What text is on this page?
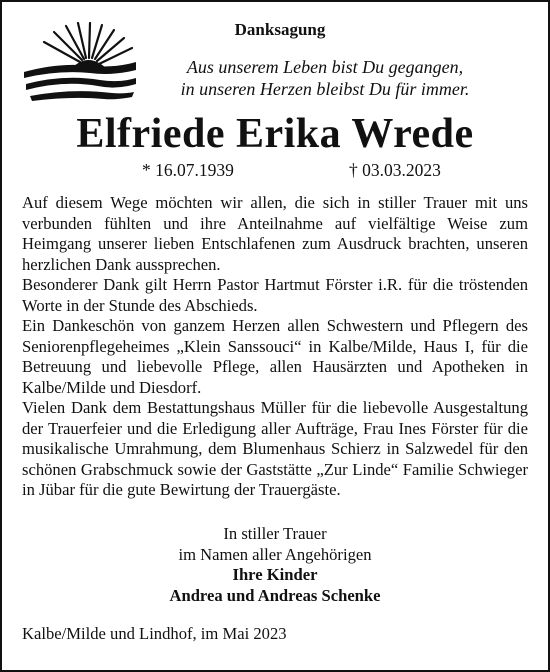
Danksagung
Aus unserem Leben bist Du gegangen,
in unseren Herzen bleibst Du für immer.
Elfriede Erika Wrede
* 16.07.1939	† 03.03.2023

Auf diesem Wege möchten wir allen, die sich in stiller Trauer mit uns verbunden fühlten und ihre Anteilnahme auf vielfältige Weise zum Heimgang unserer lieben Entschlafenen zum Ausdruck brachten, unseren herzlichen Dank aussprechen.

Besonderer Dank gilt Herrn Pastor Hartmut Förster i.R. für die tröstenden Worte in der Stunde des Abschieds.

Ein Dankeschön von ganzem Herzen allen Schwestern und Pflegern des Seniorenpflegeheimes „Klein Sanssouci“ in Kalbe/Milde, Haus I, für die Betreuung und liebevolle Pflege, allen Hausärzten und Apotheken in Kalbe/Milde und Diesdorf.

Vielen Dank dem Bestattungshaus Müller für die liebevolle Ausgestaltung der Trauerfeier und die Erledigung aller Aufträge, Frau Ines Förster für die musikalische Umrahmung, dem Blumenhaus Schierz in Salzwedel für den schönen Grabschmuck sowie der Gaststätte „Zur Linde“ Familie Schwieger in Jübar für die gute Bewirtung der Trauergäste.

In stiller Trauer
im Namen aller Angehörigen
Ihre Kinder
Andrea und Andreas Schenke
Kalbe/Milde und Lindhof, im Mai 2023
